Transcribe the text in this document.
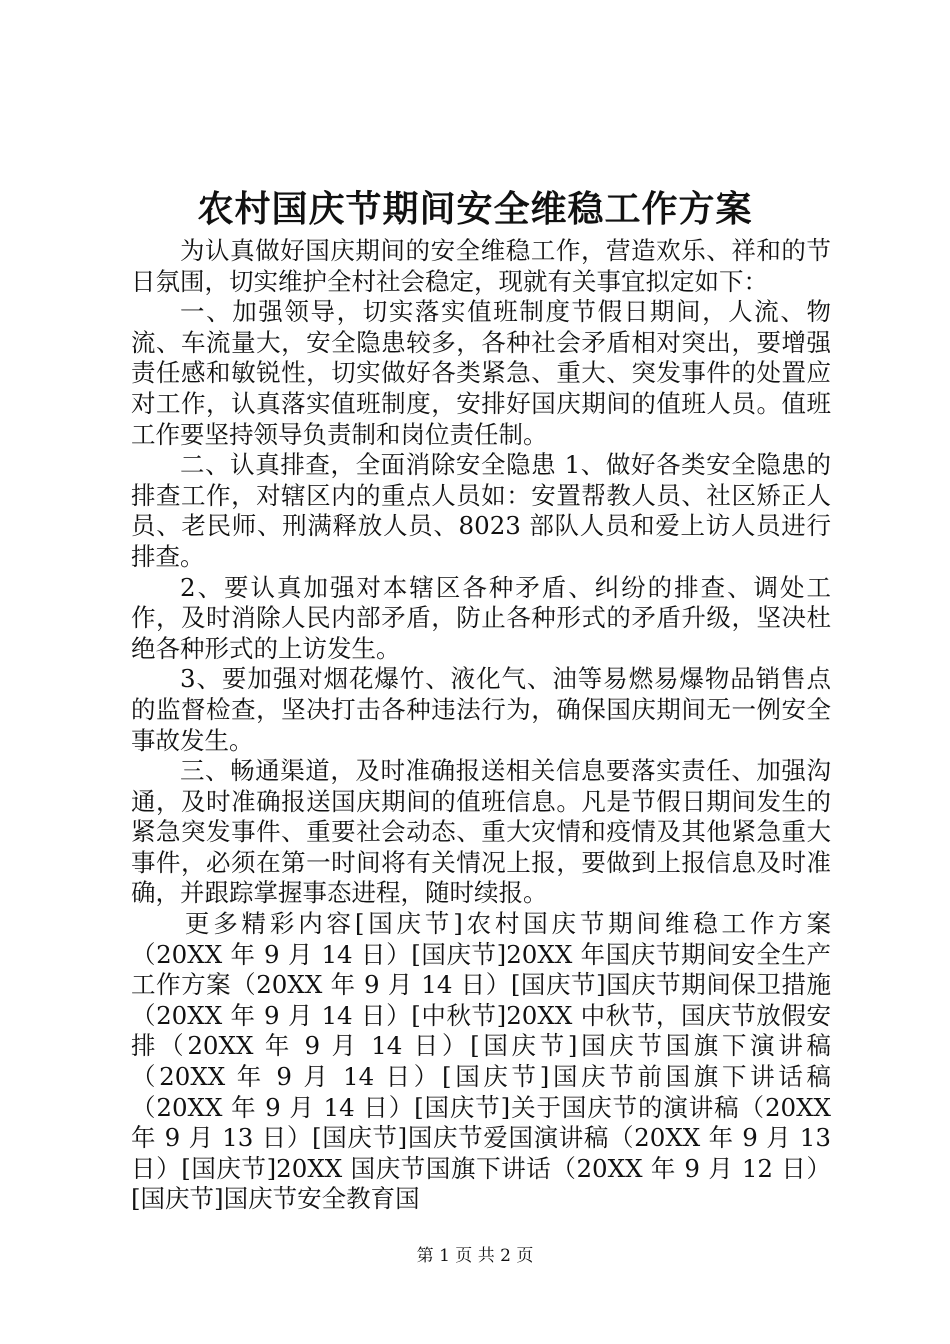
农村国庆节期间安全维稳工作方案

为认真做好国庆期间的安全维稳工作，营造欢乐、祥和的节日氛围，切实维护全村社会稳定，现就有关事宜拟定如下：

一、加强领导，切实落实值班制度节假日期间，人流、物流、车流量大，安全隐患较多，各种社会矛盾相对突出，要增强责任感和敏锐性，切实做好各类紧急、重大、突发事件的处置应对工作，认真落实值班制度，安排好国庆期间的值班人员。值班工作要坚持领导负责制和岗位责任制。

二、认真排查，全面消除安全隐患 1、做好各类安全隐患的排查工作，对辖区内的重点人员如：安置帮教人员、社区矫正人员、老民师、刑满释放人员、8023 部队人员和爱上访人员进行排查。

2、要认真加强对本辖区各种矛盾、纠纷的排查、调处工作，及时消除人民内部矛盾，防止各种形式的矛盾升级，坚决杜绝各种形式的上访发生。

3、要加强对烟花爆竹、液化气、油等易燃易爆物品销售点的监督检查，坚决打击各种违法行为，确保国庆期间无一例安全事故发生。

三、畅通渠道，及时准确报送相关信息要落实责任、加强沟通，及时准确报送国庆期间的值班信息。凡是节假日期间发生的紧急突发事件、重要社会动态、重大灾情和疫情及其他紧急重大事件，必须在第一时间将有关情况上报，要做到上报信息及时准确，并跟踪掌握事态进程，随时续报。

更多精彩内容[国庆节]农村国庆节期间维稳工作方案（20XX 年 9 月 14 日）[国庆节]20XX 年国庆节期间安全生产工作方案（20XX 年 9 月 14 日）[国庆节]国庆节期间保卫措施（20XX 年 9 月 14 日）[中秋节]20XX 中秋节，国庆节放假安排（20XX 年 9 月 14 日）[国庆节]国庆节国旗下演讲稿（20XX 年 9 月 14 日）[国庆节]国庆节前国旗下讲话稿（20XX 年 9 月 14 日）[国庆节]关于国庆节的演讲稿（20XX 年 9 月 13 日）[国庆节]国庆节爱国演讲稿（20XX 年 9 月 13 日）[国庆节]20XX 国庆节国旗下讲话（20XX 年 9 月 12 日）[国庆节]国庆节安全教育国

第 1 页 共 2 页
